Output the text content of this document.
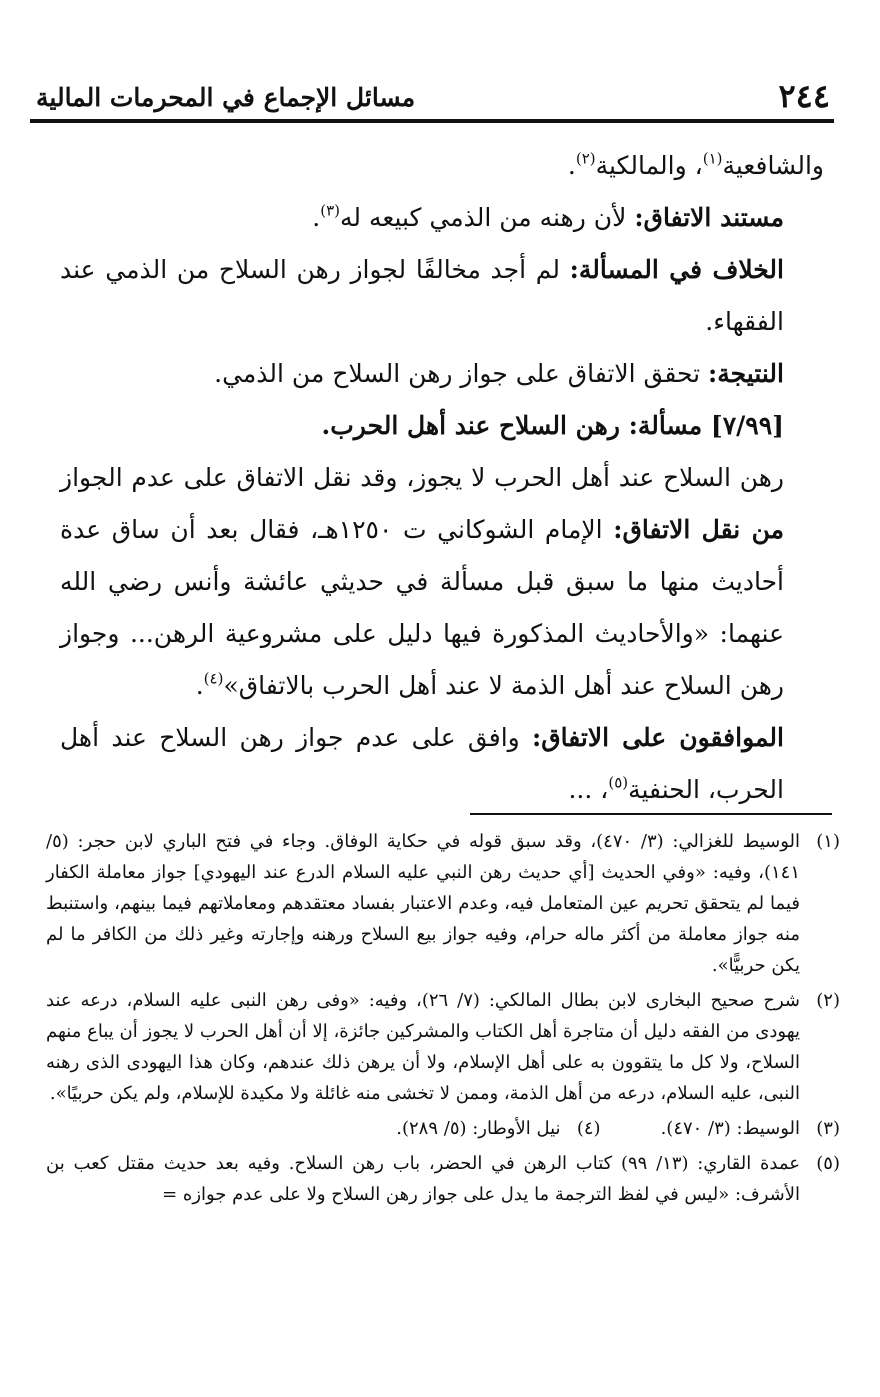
٢٤٤
مسائل الإجماع في المحرمات المالية

والشافعية$^{(١)}$، والمالكية$^{(٢)}$.

مستند الاتفاق: لأن رهنه من الذمي كبيعه له$^{(٣)}$.

الخلاف في المسألة: لم أجد مخالفًا لجواز رهن السلاح من الذمي عند الفقهاء.

النتيجة: تحقق الاتفاق على جواز رهن السلاح من الذمي.

[٧/٩٩] مسألة: رهن السلاح عند أهل الحرب.

رهن السلاح عند أهل الحرب لا يجوز، وقد نقل الاتفاق على عدم الجواز من نقل الاتفاق: الإمام الشوكاني ت ١٢٥٠هـ، فقال بعد أن ساق عدة أحاديث منها ما سبق قبل مسألة في حديثي عائشة وأنس رضي الله عنهما: «والأحاديث المذكورة فيها دليل على مشروعية الرهن... وجواز رهن السلاح عند أهل الذمة لا عند أهل الحرب بالاتفاق»$^{(٤)}$.

الموافقون على الاتفاق: وافق على عدم جواز رهن السلاح عند أهل الحرب، الحنفية$^{(٥)}$، ...

(١)
الوسيط للغزالي: (٣/ ٤٧٠)، وقد سبق قوله في حكاية الوفاق. وجاء في فتح الباري لابن حجر: (٥/ ١٤١)، وفيه: «وفي الحديث [أي حديث رهن النبي عليه السلام الدرع عند اليهودي] جواز معاملة الكفار فيما لم يتحقق تحريم عين المتعامل فيه، وعدم الاعتبار بفساد معتقدهم ومعاملاتهم فيما بينهم، واستنبط منه جواز معاملة من أكثر ماله حرام، وفيه جواز بيع السلاح ورهنه وإجارته وغير ذلك من الكافر ما لم يكن حربيًّا».
(٢)
شرح صحيح البخارى لابن بطال المالكي: (٧/ ٢٦)، وفيه: «وفى رهن النبى عليه السلام، درعه عند يهودى من الفقه دليل أن متاجرة أهل الكتاب والمشركين جائزة، إلا أن أهل الحرب لا يجوز أن يباع منهم السلاح، ولا كل ما يتقوون به على أهل الإسلام، ولا أن يرهن ذلك عندهم، وكان هذا اليهودى الذى رهنه النبى، عليه السلام، درعه من أهل الذمة، وممن لا تخشى منه غائلة ولا مكيدة للإسلام، ولم يكن حربيًا».
(٣)
الوسيط: (٣/ ٤٧٠).
(٤)
نيل الأوطار: (٥/ ٢٨٩).
(٥)
عمدة القاري: (١٣/ ٩٩) كتاب الرهن في الحضر، باب رهن السلاح. وفيه بعد حديث مقتل كعب بن الأشرف: «ليس في لفظ الترجمة ما يدل على جواز رهن السلاح ولا على عدم جوازه =
